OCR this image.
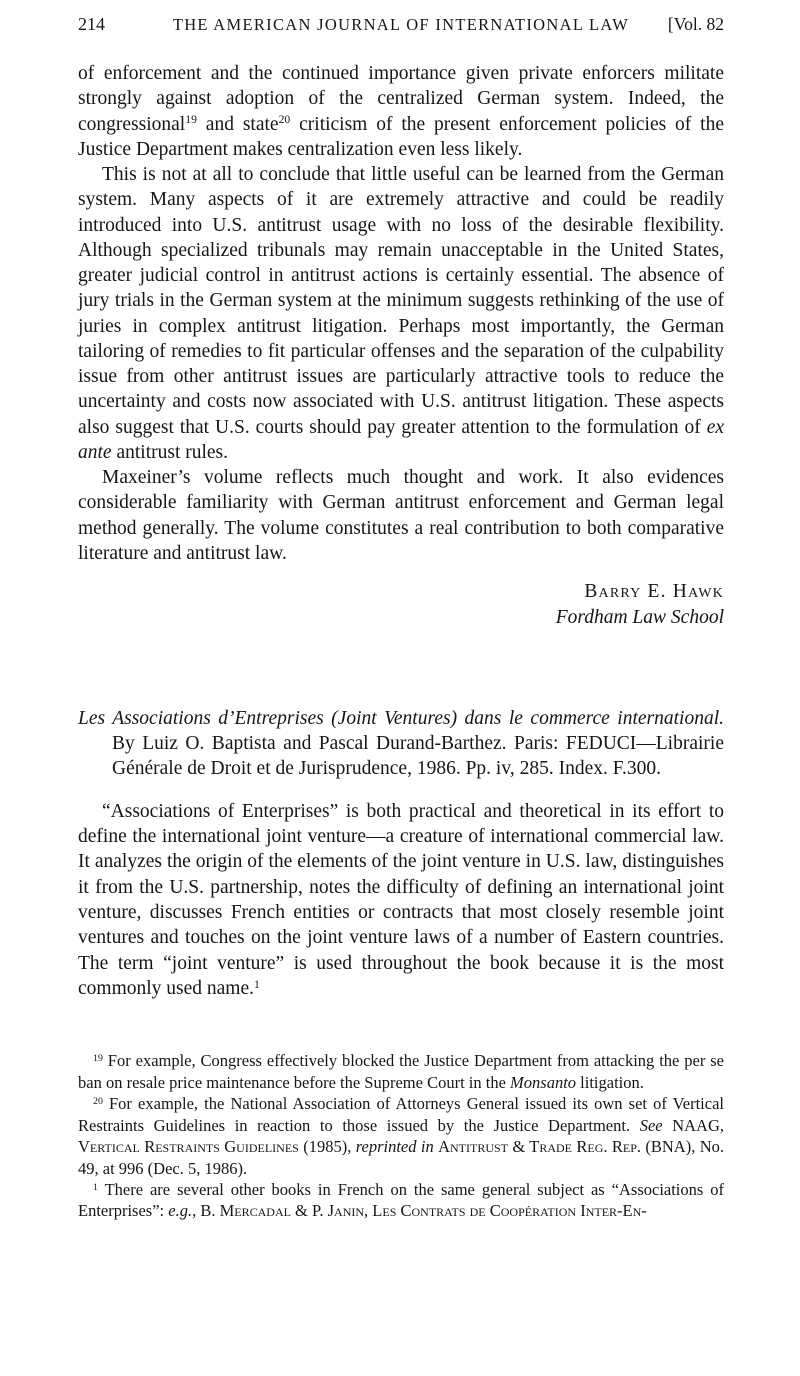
214	THE AMERICAN JOURNAL OF INTERNATIONAL LAW	[Vol. 82

of enforcement and the continued importance given private enforcers militate strongly against adoption of the centralized German system. Indeed, the congressional$^{19}$ and state$^{20}$ criticism of the present enforcement policies of the Justice Department makes centralization even less likely.

This is not at all to conclude that little useful can be learned from the German system. Many aspects of it are extremely attractive and could be readily introduced into U.S. antitrust usage with no loss of the desirable flexibility. Although specialized tribunals may remain unacceptable in the United States, greater judicial control in antitrust actions is certainly essential. The absence of jury trials in the German system at the minimum suggests rethinking of the use of juries in complex antitrust litigation. Perhaps most importantly, the German tailoring of remedies to fit particular offenses and the separation of the culpability issue from other antitrust issues are particularly attractive tools to reduce the uncertainty and costs now associated with U.S. antitrust litigation. These aspects also suggest that U.S. courts should pay greater attention to the formulation of ex ante antitrust rules.

Maxeiner’s volume reflects much thought and work. It also evidences considerable familiarity with German antitrust enforcement and German legal method generally. The volume constitutes a real contribution to both comparative literature and antitrust law.

Barry E. Hawk
Fordham Law School

Les Associations d’Entreprises (Joint Ventures) dans le commerce international. By Luiz O. Baptista and Pascal Durand-Barthez. Paris: FEDUCI—Librairie Générale de Droit et de Jurisprudence, 1986. Pp. iv, 285. Index. F.300.

“Associations of Enterprises” is both practical and theoretical in its effort to define the international joint venture—a creature of international commercial law. It analyzes the origin of the elements of the joint venture in U.S. law, distinguishes it from the U.S. partnership, notes the difficulty of defining an international joint venture, discusses French entities or contracts that most closely resemble joint ventures and touches on the joint venture laws of a number of Eastern countries. The term “joint venture” is used throughout the book because it is the most commonly used name.$^1$

$^{19}$ For example, Congress effectively blocked the Justice Department from attacking the per se ban on resale price maintenance before the Supreme Court in the Monsanto litigation.

$^{20}$ For example, the National Association of Attorneys General issued its own set of Vertical Restraints Guidelines in reaction to those issued by the Justice Department. See NAAG, Vertical Restraints Guidelines (1985), reprinted in Antitrust & Trade Reg. Rep. (BNA), No. 49, at 996 (Dec. 5, 1986).

$^1$ There are several other books in French on the same general subject as “Associations of Enterprises”: e.g., B. Mercadal & P. Janin, Les Contrats de Coopération Inter-En-
